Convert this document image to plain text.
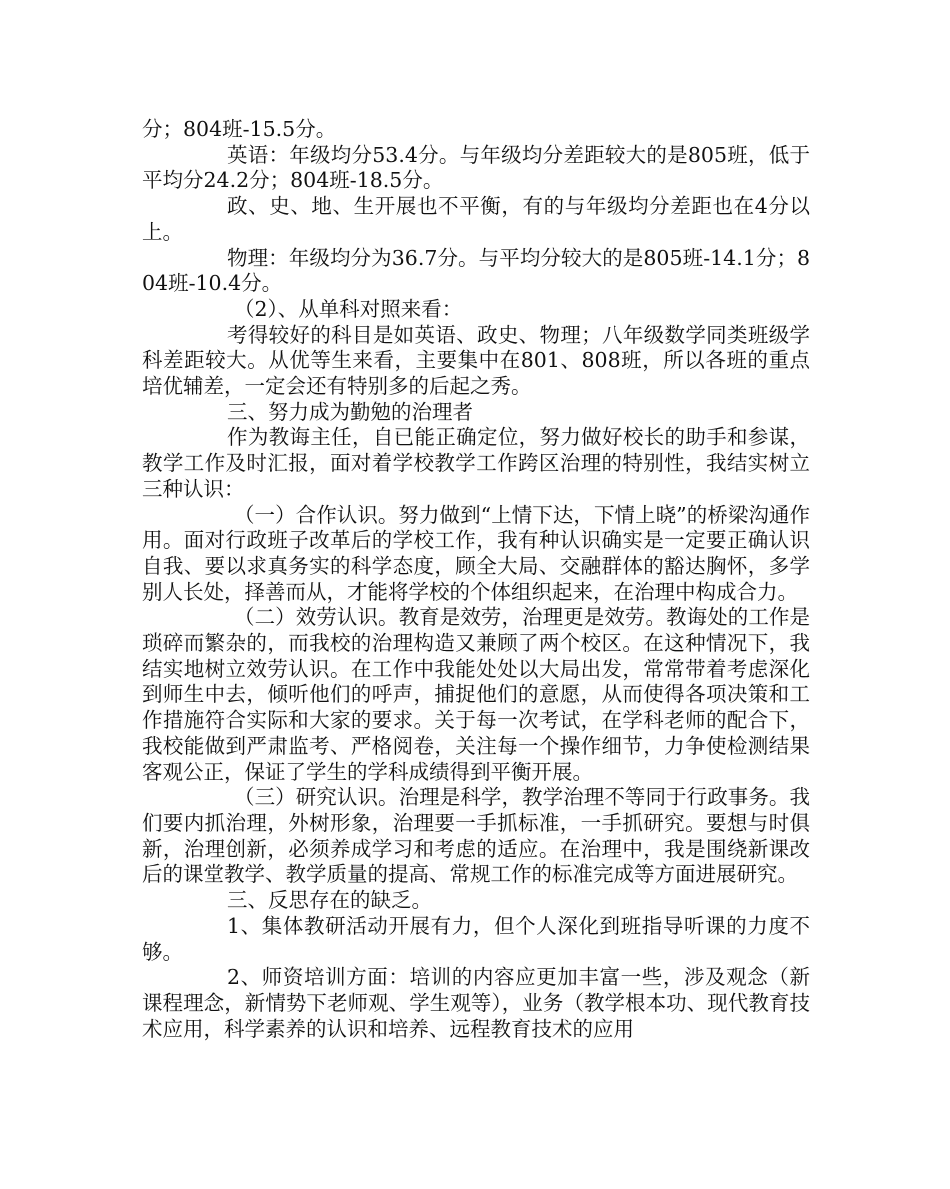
分；804班-15.5分。

英语：年级均分53.4分。与年级均分差距较大的是805班，低于平均分24.2分；804班-18.5分。

政、史、地、生开展也不平衡，有的与年级均分差距也在4分以上。

物理：年级均分为36.7分。与平均分较大的是805班-14.1分；804班-10.4分。

（2）、从单科对照来看：

考得较好的科目是如英语、政史、物理；八年级数学同类班级学科差距较大。从优等生来看，主要集中在801、808班，所以各班的重点培优辅差，一定会还有特别多的后起之秀。

三、努力成为勤勉的治理者

作为教诲主任，自已能正确定位，努力做好校长的助手和参谋，教学工作及时汇报，面对着学校教学工作跨区治理的特别性，我结实树立三种认识：

（一）合作认识。努力做到“上情下达，下情上晓”的桥梁沟通作用。面对行政班子改革后的学校工作，我有种认识确实是一定要正确认识自我、要以求真务实的科学态度，顾全大局、交融群体的豁达胸怀，多学别人长处，择善而从，才能将学校的个体组织起来，在治理中构成合力。

（二）效劳认识。教育是效劳，治理更是效劳。教诲处的工作是琐碎而繁杂的，而我校的治理构造又兼顾了两个校区。在这种情况下，我结实地树立效劳认识。在工作中我能处处以大局出发，常常带着考虑深化到师生中去，倾听他们的呼声，捕捉他们的意愿，从而使得各项决策和工作措施符合实际和大家的要求。关于每一次考试，在学科老师的配合下，我校能做到严肃监考、严格阅卷，关注每一个操作细节，力争使检测结果客观公正，保证了学生的学科成绩得到平衡开展。

（三）研究认识。治理是科学，教学治理不等同于行政事务。我们要内抓治理，外树形象，治理要一手抓标准，一手抓研究。要想与时俱新，治理创新，必须养成学习和考虑的适应。在治理中，我是围绕新课改后的课堂教学、教学质量的提高、常规工作的标准完成等方面进展研究。

三、反思存在的缺乏。

1、集体教研活动开展有力，但个人深化到班指导听课的力度不够。

2、师资培训方面：培训的内容应更加丰富一些，涉及观念（新课程理念，新情势下老师观、学生观等），业务（教学根本功、现代教育技术应用，科学素养的认识和培养、远程教育技术的应用
